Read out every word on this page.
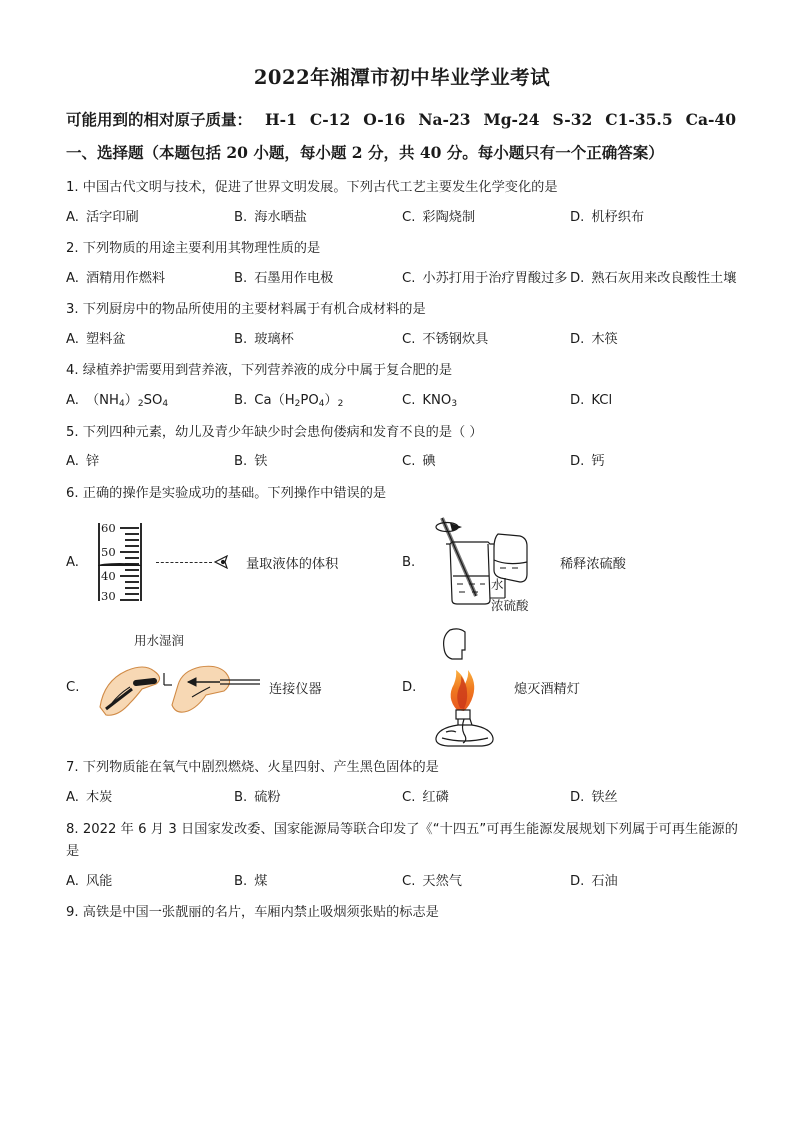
2022年湘潭市初中毕业学业考试
可能用到的相对原子质量： H-1 C-12 O-16 Na-23 Mg-24 S-32 C1-35.5 Ca-40
一、选择题（本题包括 20 小题，每小题 2 分，共 40 分。每小题只有一个正确答案）
1. 中国古代文明与技术，促进了世界文明发展。下列古代工艺主要发生化学变化的是
A. 活字印刷	B. 海水晒盐	C. 彩陶烧制	D. 机杼织布
2. 下列物质的用途主要利用其物理性质的是
A. 酒精用作燃料	B. 石墨用作电极	C. 小苏打用于治疗胃酸过多 D. 熟石灰用来改良酸性土壤
3. 下列厨房中的物品所使用的主要材料属于有机合成材料的是
A. 塑料盆	B. 玻璃杯	C. 不锈钢炊具	D. 木筷
4. 绿植养护需要用到营养液，下列营养液的成分中属于复合肥的是
A. $(NH_4)_2SO_4$	B. $Ca(H_2PO_4)_2$	C. $KNO_3$	D. KCl
5. 下列四种元素，幼儿及青少年缺少时会患佝偻病和发育不良的是（ ）
A. 锌	B. 铁	C. 碘	D. 钙
6. 正确的操作是实验成功的基础。下列操作中错误的是
A.
60
50
40
30
量取液体的体积	B.
水
浓硫酸
稀释浓硫酸
C.
用水湿润
连接仪器	D.	熄灭酒精灯
7. 下列物质能在氧气中剧烈燃烧、火星四射、产生黑色固体的是
A. 木炭	B. 硫粉	C. 红磷	D. 铁丝
8. 2022 年 6 月 3 日国家发改委、国家能源局等联合印发了《“十四五”可再生能源发展规划下列属于可再生能源的是
A. 风能	B. 煤	C. 天然气	D. 石油
9. 高铁是中国一张靓丽的名片，车厢内禁止吸烟须张贴的标志是
